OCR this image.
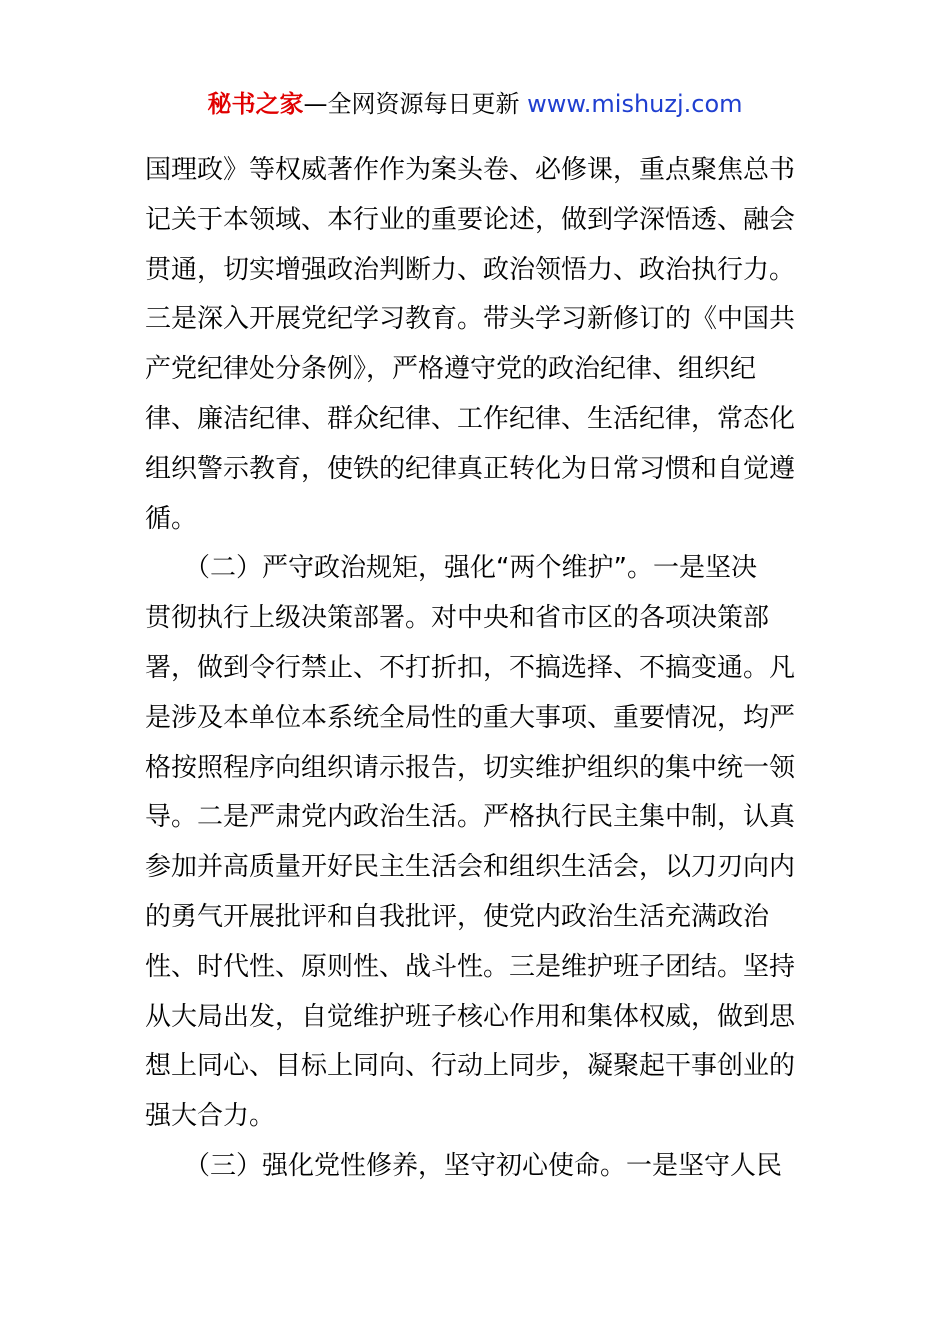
秘书之家—全网资源每日更新 www.mishuzj.com
国理政》等权威著作作为案头卷、必修课，重点聚焦总书
记关于本领域、本行业的重要论述，做到学深悟透、融会
贯通，切实增强政治判断力、政治领悟力、政治执行力。
三是深入开展党纪学习教育。带头学习新修订的《中国共
产党纪律处分条例》，严格遵守党的政治纪律、组织纪
律、廉洁纪律、群众纪律、工作纪律、生活纪律，常态化
组织警示教育，使铁的纪律真正转化为日常习惯和自觉遵
循。
　　（二）严守政治规矩，强化“两个维护”。一是坚决
贯彻执行上级决策部署。对中央和省市区的各项决策部
署，做到令行禁止、不打折扣，不搞选择、不搞变通。凡
是涉及本单位本系统全局性的重大事项、重要情况，均严
格按照程序向组织请示报告，切实维护组织的集中统一领
导。二是严肃党内政治生活。严格执行民主集中制，认真
参加并高质量开好民主生活会和组织生活会，以刀刃向内
的勇气开展批评和自我批评，使党内政治生活充满政治
性、时代性、原则性、战斗性。三是维护班子团结。坚持
从大局出发，自觉维护班子核心作用和集体权威，做到思
想上同心、目标上同向、行动上同步，凝聚起干事创业的
强大合力。
　　（三）强化党性修养，坚守初心使命。一是坚守人民
